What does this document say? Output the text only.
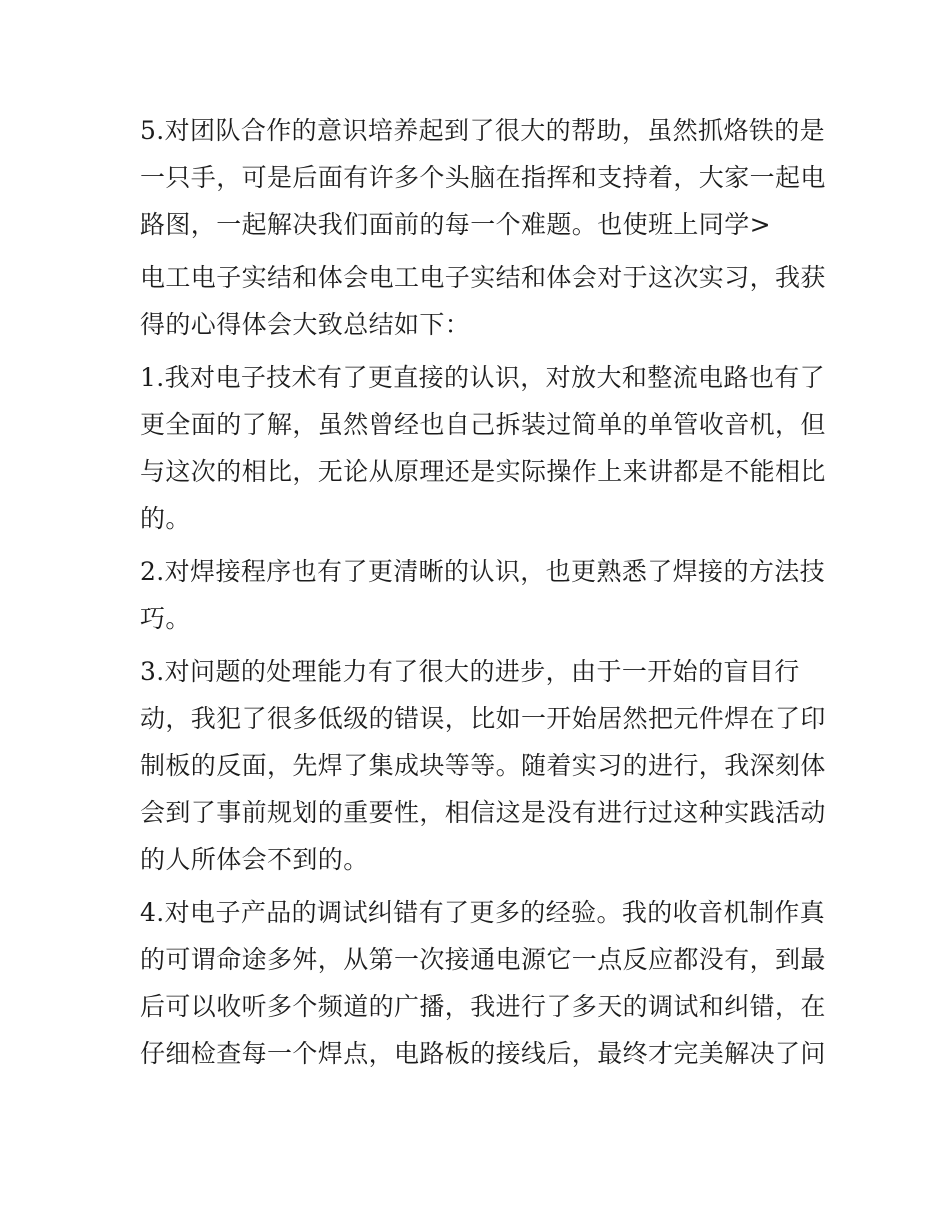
5.对团队合作的意识培养起到了很大的帮助，虽然抓烙铁的是
一只手，可是后面有许多个头脑在指挥和支持着，大家一起电
路图，一起解决我们面前的每一个难题。也使班上同学>

电工电子实结和体会电工电子实结和体会对于这次实习，我获
得的心得体会大致总结如下：

1.我对电子技术有了更直接的认识，对放大和整流电路也有了
更全面的了解，虽然曾经也自己拆装过简单的单管收音机，但
与这次的相比，无论从原理还是实际操作上来讲都是不能相比
的。

2.对焊接程序也有了更清晰的认识，也更熟悉了焊接的方法技
巧。

3.对问题的处理能力有了很大的进步，由于一开始的盲目行
动，我犯了很多低级的错误，比如一开始居然把元件焊在了印
制板的反面，先焊了集成块等等。随着实习的进行，我深刻体
会到了事前规划的重要性，相信这是没有进行过这种实践活动
的人所体会不到的。

4.对电子产品的调试纠错有了更多的经验。我的收音机制作真
的可谓命途多舛，从第一次接通电源它一点反应都没有，到最
后可以收听多个频道的广播，我进行了多天的调试和纠错，在
仔细检查每一个焊点，电路板的接线后，最终才完美解决了问
